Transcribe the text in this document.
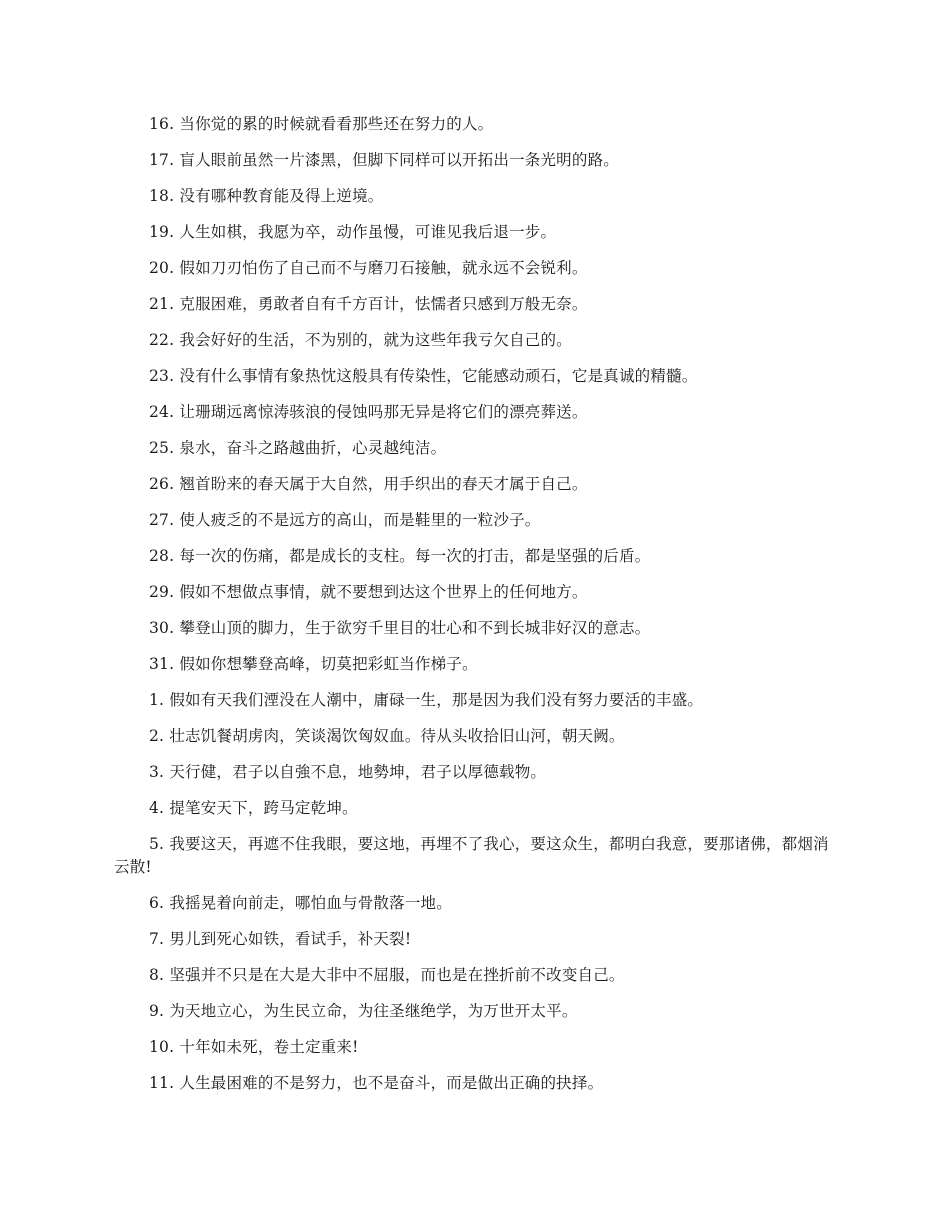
16. 当你觉的累的时候就看看那些还在努力的人。

17. 盲人眼前虽然一片漆黑，但脚下同样可以开拓出一条光明的路。

18. 没有哪种教育能及得上逆境。

19. 人生如棋，我愿为卒，动作虽慢，可谁见我后退一步。

20. 假如刀刃怕伤了自己而不与磨刀石接触，就永远不会锐利。

21. 克服困难，勇敢者自有千方百计，怯懦者只感到万般无奈。

22. 我会好好的生活，不为别的，就为这些年我亏欠自己的。

23. 没有什么事情有象热忱这般具有传染性，它能感动顽石，它是真诚的精髓。

24. 让珊瑚远离惊涛骇浪的侵蚀吗那无异是将它们的漂亮葬送。

25. 泉水，奋斗之路越曲折，心灵越纯洁。

26. 翘首盼来的春天属于大自然，用手织出的春天才属于自己。

27. 使人疲乏的不是远方的高山，而是鞋里的一粒沙子。

28. 每一次的伤痛，都是成长的支柱。每一次的打击，都是坚强的后盾。

29. 假如不想做点事情，就不要想到达这个世界上的任何地方。

30. 攀登山顶的脚力，生于欲穷千里目的壮心和不到长城非好汉的意志。

31. 假如你想攀登高峰，切莫把彩虹当作梯子。

1. 假如有天我们湮没在人潮中，庸碌一生，那是因为我们没有努力要活的丰盛。

2. 壮志饥餐胡虏肉，笑谈渴饮匈奴血。待从头收拾旧山河，朝天阙。

3. 天行健，君子以自強不息，地勢坤，君子以厚德载物。

4. 提笔安天下，跨马定乾坤。

5. 我要这天，再遮不住我眼，要这地，再埋不了我心，要这众生，都明白我意，要那诸佛，都烟消云散!

6. 我摇晃着向前走，哪怕血与骨散落一地。

7. 男儿到死心如铁，看试手，补天裂!

8. 坚强并不只是在大是大非中不屈服，而也是在挫折前不改变自己。

9. 为天地立心，为生民立命，为往圣继绝学，为万世开太平。

10. 十年如未死，卷土定重来!

11. 人生最困难的不是努力，也不是奋斗，而是做出正确的抉择。
